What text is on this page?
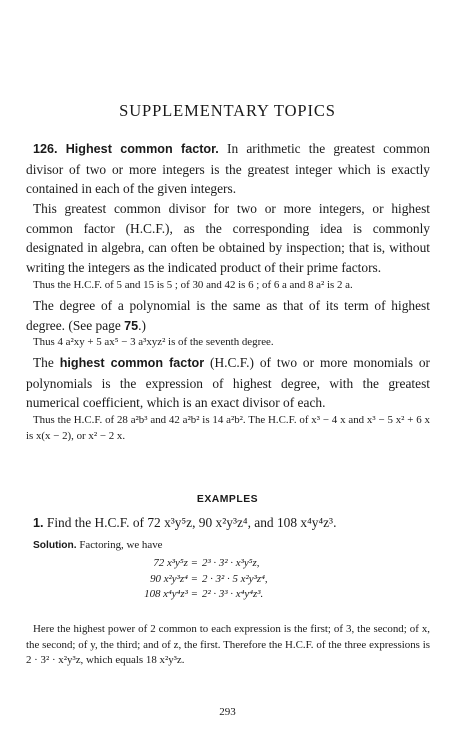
SUPPLEMENTARY TOPICS

126. Highest common factor. In arithmetic the greatest common divisor of two or more integers is the greatest integer which is exactly contained in each of the given integers.

This greatest common divisor for two or more integers, or highest common factor (H.C.F.), as the corresponding idea is commonly designated in algebra, can often be obtained by inspection; that is, without writing the integers as the indicated product of their prime factors.

Thus the H.C.F. of 5 and 15 is 5 ; of 30 and 42 is 6 ; of 6 a and 8 a² is 2 a.

The degree of a polynomial is the same as that of its term of highest degree. (See page 75.)

Thus 4 a²xy + 5 ax⁵ − 3 a³xyz² is of the seventh degree.

The highest common factor (H.C.F.) of two or more monomials or polynomials is the expression of highest degree, with the greatest numerical coefficient, which is an exact divisor of each.

Thus the H.C.F. of 28 a²b³ and 42 a²b² is 14 a²b². The H.C.F. of x³ − 4 x and x³ − 5 x² + 6 x is x(x − 2), or x² − 2 x.

EXAMPLES

1. Find the H.C.F. of 72 x³y⁵z, 90 x²y³z⁴, and 108 x⁴y⁴z³.

Solution. Factoring, we have

72 x³y⁵z = 2³ · 3² · x³y⁵z,
90 x²y³z⁴ = 2 · 3² · 5 x²y³z⁴,
108 x⁴y⁴z³ = 2² · 3³ · x⁴y⁴z³.

Here the highest power of 2 common to each expression is the first; of 3, the second; of x, the second; of y, the third; and of z, the first. Therefore the H.C.F. of the three expressions is 2 · 3² · x²y³z, which equals 18 x²y³z.

293
